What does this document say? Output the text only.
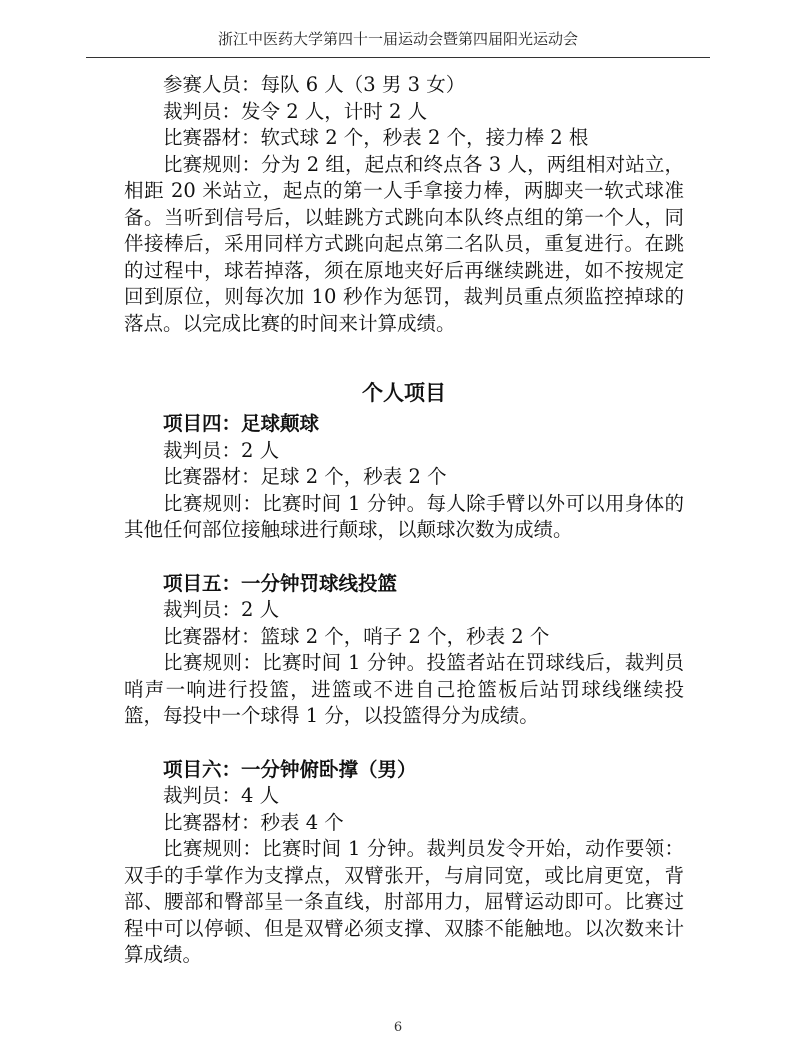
浙江中医药大学第四十一届运动会暨第四届阳光运动会

参赛人员：每队 6 人（3 男 3 女）

裁判员：发令 2 人，计时 2 人

比赛器材：软式球 2 个，秒表 2 个，接力棒 2 根

比赛规则：分为 2 组，起点和终点各 3 人，两组相对站立，相距 20 米站立，起点的第一人手拿接力棒，两脚夹一软式球准备。当听到信号后，以蛙跳方式跳向本队终点组的第一个人，同伴接棒后，采用同样方式跳向起点第二名队员，重复进行。在跳的过程中，球若掉落，须在原地夹好后再继续跳进，如不按规定回到原位，则每次加 10 秒作为惩罚，裁判员重点须监控掉球的落点。以完成比赛的时间来计算成绩。

个人项目

项目四：足球颠球

裁判员：2 人

比赛器材：足球 2 个，秒表 2 个

比赛规则：比赛时间 1 分钟。每人除手臂以外可以用身体的其他任何部位接触球进行颠球，以颠球次数为成绩。

项目五：一分钟罚球线投篮

裁判员：2 人

比赛器材：篮球 2 个，哨子 2 个，秒表 2 个

比赛规则：比赛时间 1 分钟。投篮者站在罚球线后，裁判员哨声一响进行投篮，进篮或不进自己抢篮板后站罚球线继续投篮，每投中一个球得 1 分，以投篮得分为成绩。

项目六：一分钟俯卧撑（男）

裁判员：4 人

比赛器材：秒表 4 个

比赛规则：比赛时间 1 分钟。裁判员发令开始，动作要领：双手的手掌作为支撑点，双臂张开，与肩同宽，或比肩更宽，背部、腰部和臀部呈一条直线，肘部用力，屈臂运动即可。比赛过程中可以停顿、但是双臂必须支撑、双膝不能触地。以次数来计算成绩。

6
